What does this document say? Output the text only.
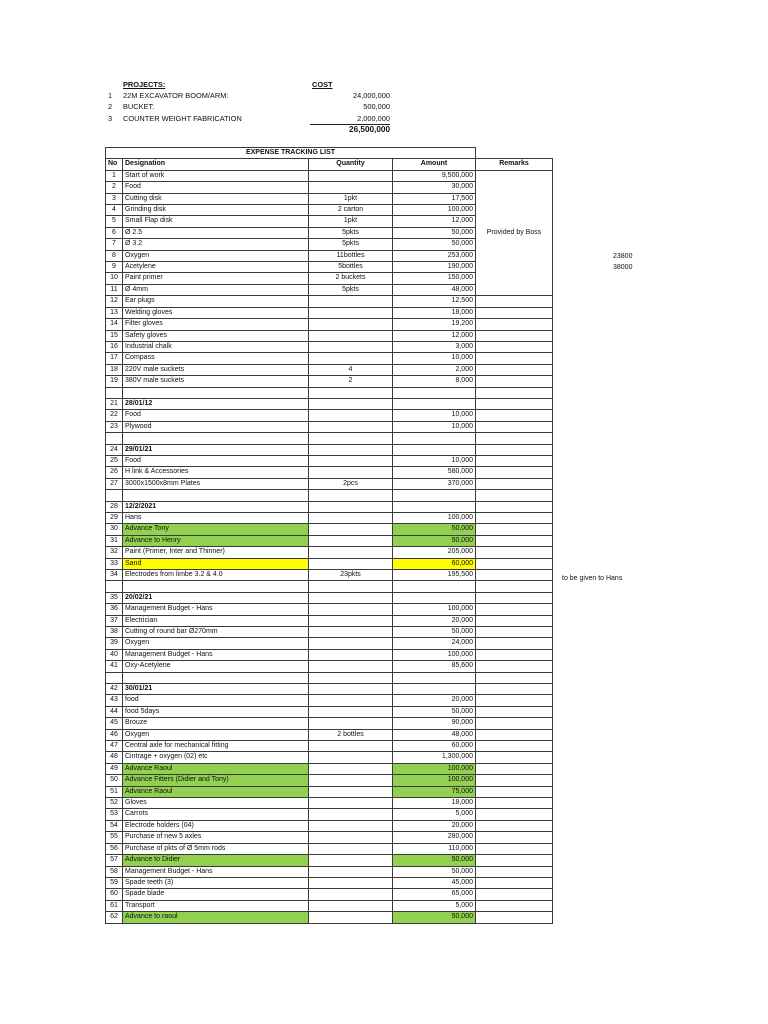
PROJECTS:	COST
1 22M EXCAVATOR BOOM/ARM:	24,000,000
2 BUCKET:	500,000
3 COUNTER WEIGHT FABRICATION	2,000,000
26,500,000
EXPENSE TRACKING LIST				
No	Designation	Quantity	Amount	Remarks
1	Start of work		9,500,000	Provided by Boss
2	Food		30,000	
3	Cutting disk	1pkt	17,500	
4	Grinding disk	2 carton	100,000	
5	Small Flap disk	1pkt	12,000	
6	Ø 2.5	5pkts	50,000	
7	Ø 3.2	5pkts	50,000	
8	Oxygen	11bottles	253,000	
9	Acetylene	5bottles	190,000	
10	Paint primer	2 buckets	150,000	
11	Ø 4mm	5pkts	48,000	
12	Ear plugs		12,500	
13	Welding gloves		18,000	
14	Filter gloves		19,200	
15	Safety gloves		12,000	
16	Industrial chalk		3,000	
17	Compass		10,000	
18	220V male suckets	4	2,000	
19	380V male suckets	2	8,000	

21	28/01/12			
22	Food		10,000	
23	Plywood		10,000	

24	29/01/21			
25	Food		10,000	
26	H link & Accessories		580,000	
27	3000x1500x8mm Plates	2pcs	370,000	

28	12/2/2021			
29	Hans		100,000	
30	Advance Tony		50,000	
31	Advance to Henry		50,000	
32	Paint (Primer, Inter and Thinner)		205,000	
33	Sand		60,000	
34	Electrodes from limbe 3.2 & 4.0	23pkts	195,500	

35	20/02/21			
36	Management Budget - Hans		100,000	
37	Electrician		20,000	
38	Cutting of round bar Ø270mm		50,000	
39	Oxygen		24,000	
40	Management Budget - Hans		100,000	
41	Oxy-Acetylene		85,600	

42	30/01/21			
43	food		20,000	
44	food 5days		50,000	
45	Brouze		90,000	
46	Oxygen	2 bottles	48,000	
47	Central axle for mechanical fitting		60,000	
48	Cintrage + oxygen (02) etc		1,300,000	
49	Advance Raoul		100,000	
50	Advance Fitters (Didier and Tony)		100,000	
51	Advance Raoul		75,000	
52	Gloves		18,000	
53	Carrots		5,000	
54	Electrode holders (04)		20,000	
55	Purchase of new 5 axles		280,000	
56	Purchase of pkts of Ø 5mm rods		110,000	
57	Advance to Didier		50,000	
58	Management Budget - Hans		50,000	
59	Spade teeth (3)		45,000	
60	Spade blade		65,000	
61	Transport		5,000	
62	Advance to raoul		50,000	
23800
38000
to be given to Hans
